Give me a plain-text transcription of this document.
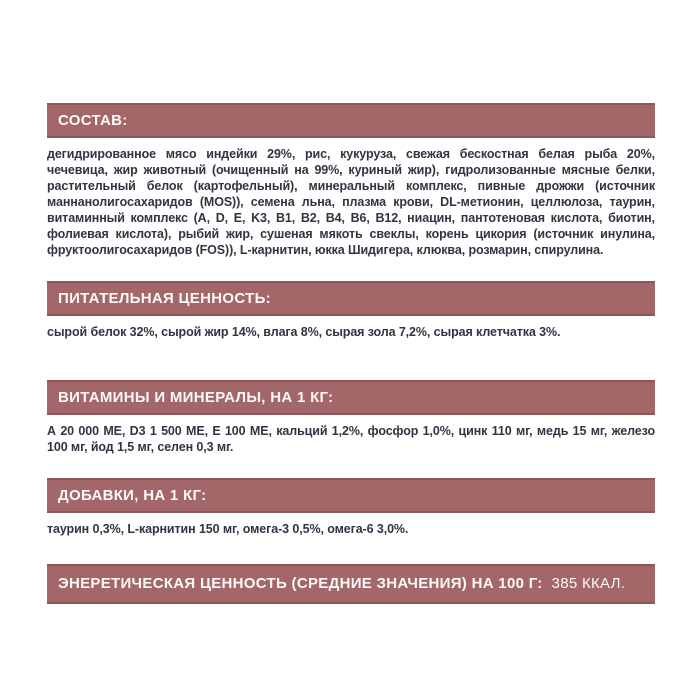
СОСТАВ:

дегидрированное мясо индейки 29%, рис, кукуруза, свежая бескостная белая рыба 20%, чечевица, жир животный (очищенный на 99%, куриный жир), гидролизованные мясные белки, растительный белок (картофельный), минеральный комплекс, пивные дрожжи (источник маннанолигосахаридов (MOS)), семена льна, плазма крови, DL-метионин, целлюлоза, таурин, витаминный комплекс (A, D, E, K3, B1, B2, B4, B6, B12, ниацин, пантотеновая кислота, биотин, фолиевая кислота), рыбий жир, сушеная мякоть свеклы, корень цикория (источник инулина, фруктоолигосахаридов (FOS)), L-карнитин, юкка Шидигера, клюква, розмарин, спирулина.

ПИТАТЕЛЬНАЯ ЦЕННОСТЬ:

сырой белок 32%, сырой жир 14%, влага 8%, сырая зола 7,2%, сырая клетчатка 3%.

ВИТАМИНЫ И МИНЕРАЛЫ, НА 1 КГ:

А 20 000 МЕ, D3 1 500 МЕ, Е 100 МЕ, кальций 1,2%, фосфор 1,0%, цинк 110 мг, медь 15 мг, железо 100 мг, йод 1,5 мг, селен 0,3 мг.

ДОБАВКИ, НА 1 КГ:

таурин 0,3%, L-карнитин 150 мг, омега-3 0,5%, омега-6 3,0%.

ЭНЕРЕТИЧЕСКАЯ ЦЕННОСТЬ (СРЕДНИЕ ЗНАЧЕНИЯ) НА 100 Г: 385 ККАЛ.
